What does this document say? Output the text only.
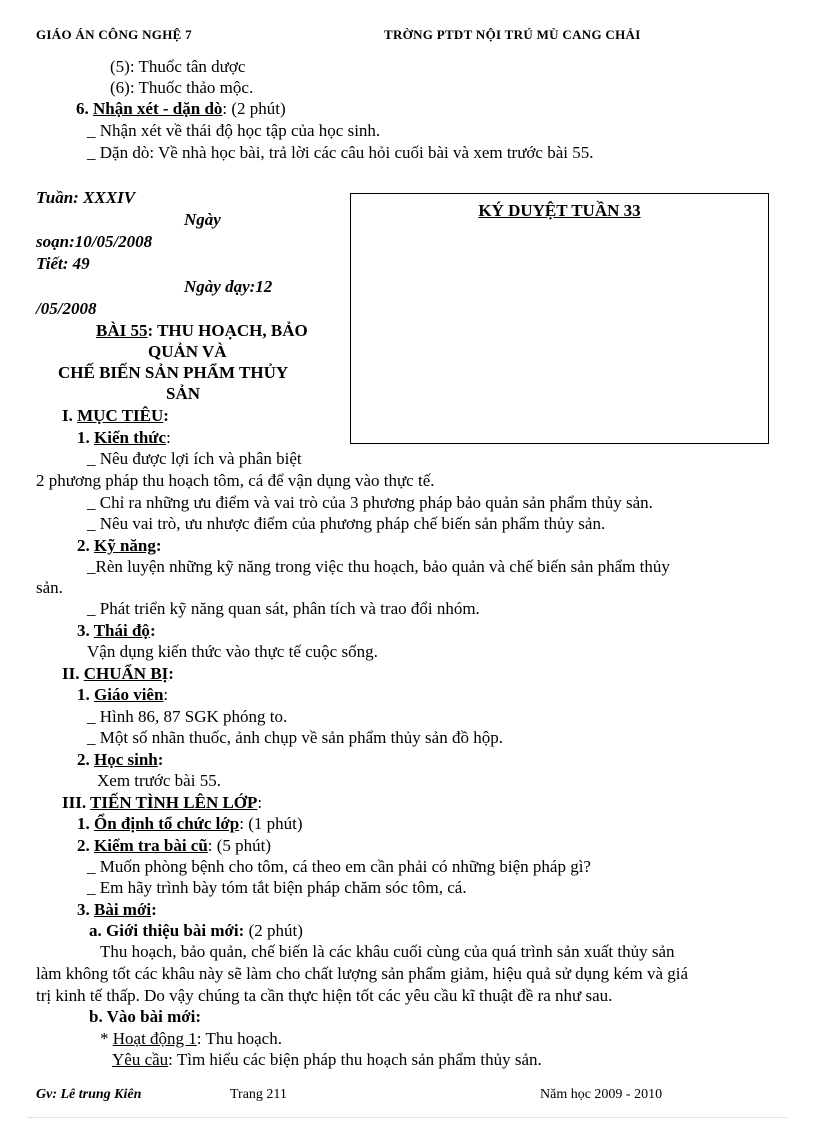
GIÁO ÁN CÔNG NGHỆ 7	TRỜNG PTDT NỘI TRÚ MÙ CANG CHẢI
(5): Thuốc tân dược
(6): Thuốc thảo mộc.
6. Nhận xét - dặn dò: (2 phút)
_ Nhận xét về thái độ học tập của học sinh.
_ Dặn dò: Về nhà học bài, trả lời các câu hỏi cuối bài và xem trước bài 55.
Tuần: XXXIV
Ngày
soạn:10/05/2008
Tiết: 49
Ngày dạy:12
/05/2008
KÝ DUYỆT TUẦN 33
BÀI 55: THU HOẠCH, BẢO
QUẢN VÀ
CHẾ BIẾN SẢN PHẨM THỦY
SẢN
I. MỤC TIÊU:
1. Kiến thức:
_ Nêu được lợi ích và phân biệt
2 phương pháp thu hoạch tôm, cá để vận dụng vào thực tế.
_ Chỉ ra những ưu điểm và vai trò của 3 phương pháp bảo quản sản phẩm thủy sản.
_ Nêu vai trò, ưu nhược điểm của phương pháp chế biến sản phẩm thủy sản.
2. Kỹ năng:
_Rèn luyện những kỹ năng trong việc thu hoạch, bảo quản và chế biến sản phẩm thủy
sản.
_ Phát triển kỹ năng quan sát, phân tích và trao đổi nhóm.
3. Thái độ:
Vận dụng kiến thức vào thực tế cuộc sống.
II. CHUẨN BỊ:
1. Giáo viên:
_ Hình 86, 87 SGK phóng to.
_ Một số nhãn thuốc, ảnh chụp về sản phẩm thủy sản đồ hộp.
2. Học sinh:
Xem trước bài 55.
III. TIẾN TÌNH LÊN LỚP:
1. Ổn định tổ chức lớp: (1 phút)
2. Kiểm tra bài cũ: (5 phút)
_ Muốn phòng bệnh cho tôm, cá theo em cần phải có những biện pháp gì?
_ Em hãy trình bày tóm tắt biện pháp chăm sóc tôm, cá.
3. Bài mới:
a. Giới thiệu bài mới: (2 phút)
Thu hoạch, bảo quản, chế biến là các khâu cuối cùng của quá trình sản xuất thủy sản
làm không tốt các khâu này sẽ làm cho chất lượng sản phẩm giảm, hiệu quả sử dụng kém và giá
trị kinh tế thấp. Do vậy chúng ta cần thực hiện tốt các yêu cầu kĩ thuật đề ra như sau.
b. Vào bài mới:
* Hoạt động 1: Thu hoạch.
Yêu cầu: Tìm hiểu các biện pháp thu hoạch sản phẩm thủy sản.
Gv: Lê trung Kiên	Trang 211	Năm học 2009 - 2010
